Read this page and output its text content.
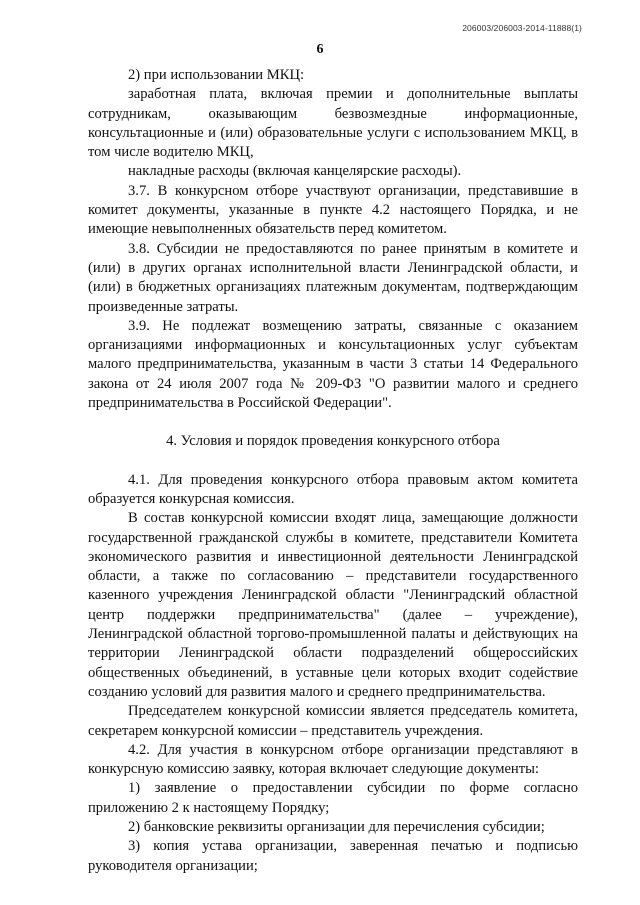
206003/206003-2014-11888(1)
6

2) при использовании МКЦ:

заработная плата, включая премии и дополнительные выплаты сотрудникам, оказывающим безвозмездные информационные, консультационные и (или) образовательные услуги с использованием МКЦ, в том числе водителю МКЦ,

накладные расходы (включая канцелярские расходы).

3.7. В конкурсном отборе участвуют организации, представившие в комитет документы, указанные в пункте 4.2 настоящего Порядка, и не имеющие невыполненных обязательств перед комитетом.

3.8. Субсидии не предоставляются по ранее принятым в комитете и (или) в других органах исполнительной власти Ленинградской области, и (или) в бюджетных организациях платежным документам, подтверждающим произведенные затраты.

3.9. Не подлежат возмещению затраты, связанные с оказанием организациями информационных и консультационных услуг субъектам малого предпринимательства, указанным в части 3 статьи 14 Федерального закона от 24 июля 2007 года № 209-ФЗ "О развитии малого и среднего предпринимательства в Российской Федерации".

4. Условия и порядок проведения конкурсного отбора

4.1. Для проведения конкурсного отбора правовым актом комитета образуется конкурсная комиссия.

В состав конкурсной комиссии входят лица, замещающие должности государственной гражданской службы в комитете, представители Комитета экономического развития и инвестиционной деятельности Ленинградской области, а также по согласованию – представители государственного казенного учреждения Ленинградской области "Ленинградский областной центр поддержки предпринимательства" (далее – учреждение), Ленинградской областной торгово-промышленной палаты и действующих на территории Ленинградской области подразделений общероссийских общественных объединений, в уставные цели которых входит содействие созданию условий для развития малого и среднего предпринимательства.

Председателем конкурсной комиссии является председатель комитета, секретарем конкурсной комиссии – представитель учреждения.

4.2. Для участия в конкурсном отборе организации представляют в конкурсную комиссию заявку, которая включает следующие документы:

1) заявление о предоставлении субсидии по форме согласно приложению 2 к настоящему Порядку;

2) банковские реквизиты организации для перечисления субсидии;

3) копия устава организации, заверенная печатью и подписью руководителя организации;
